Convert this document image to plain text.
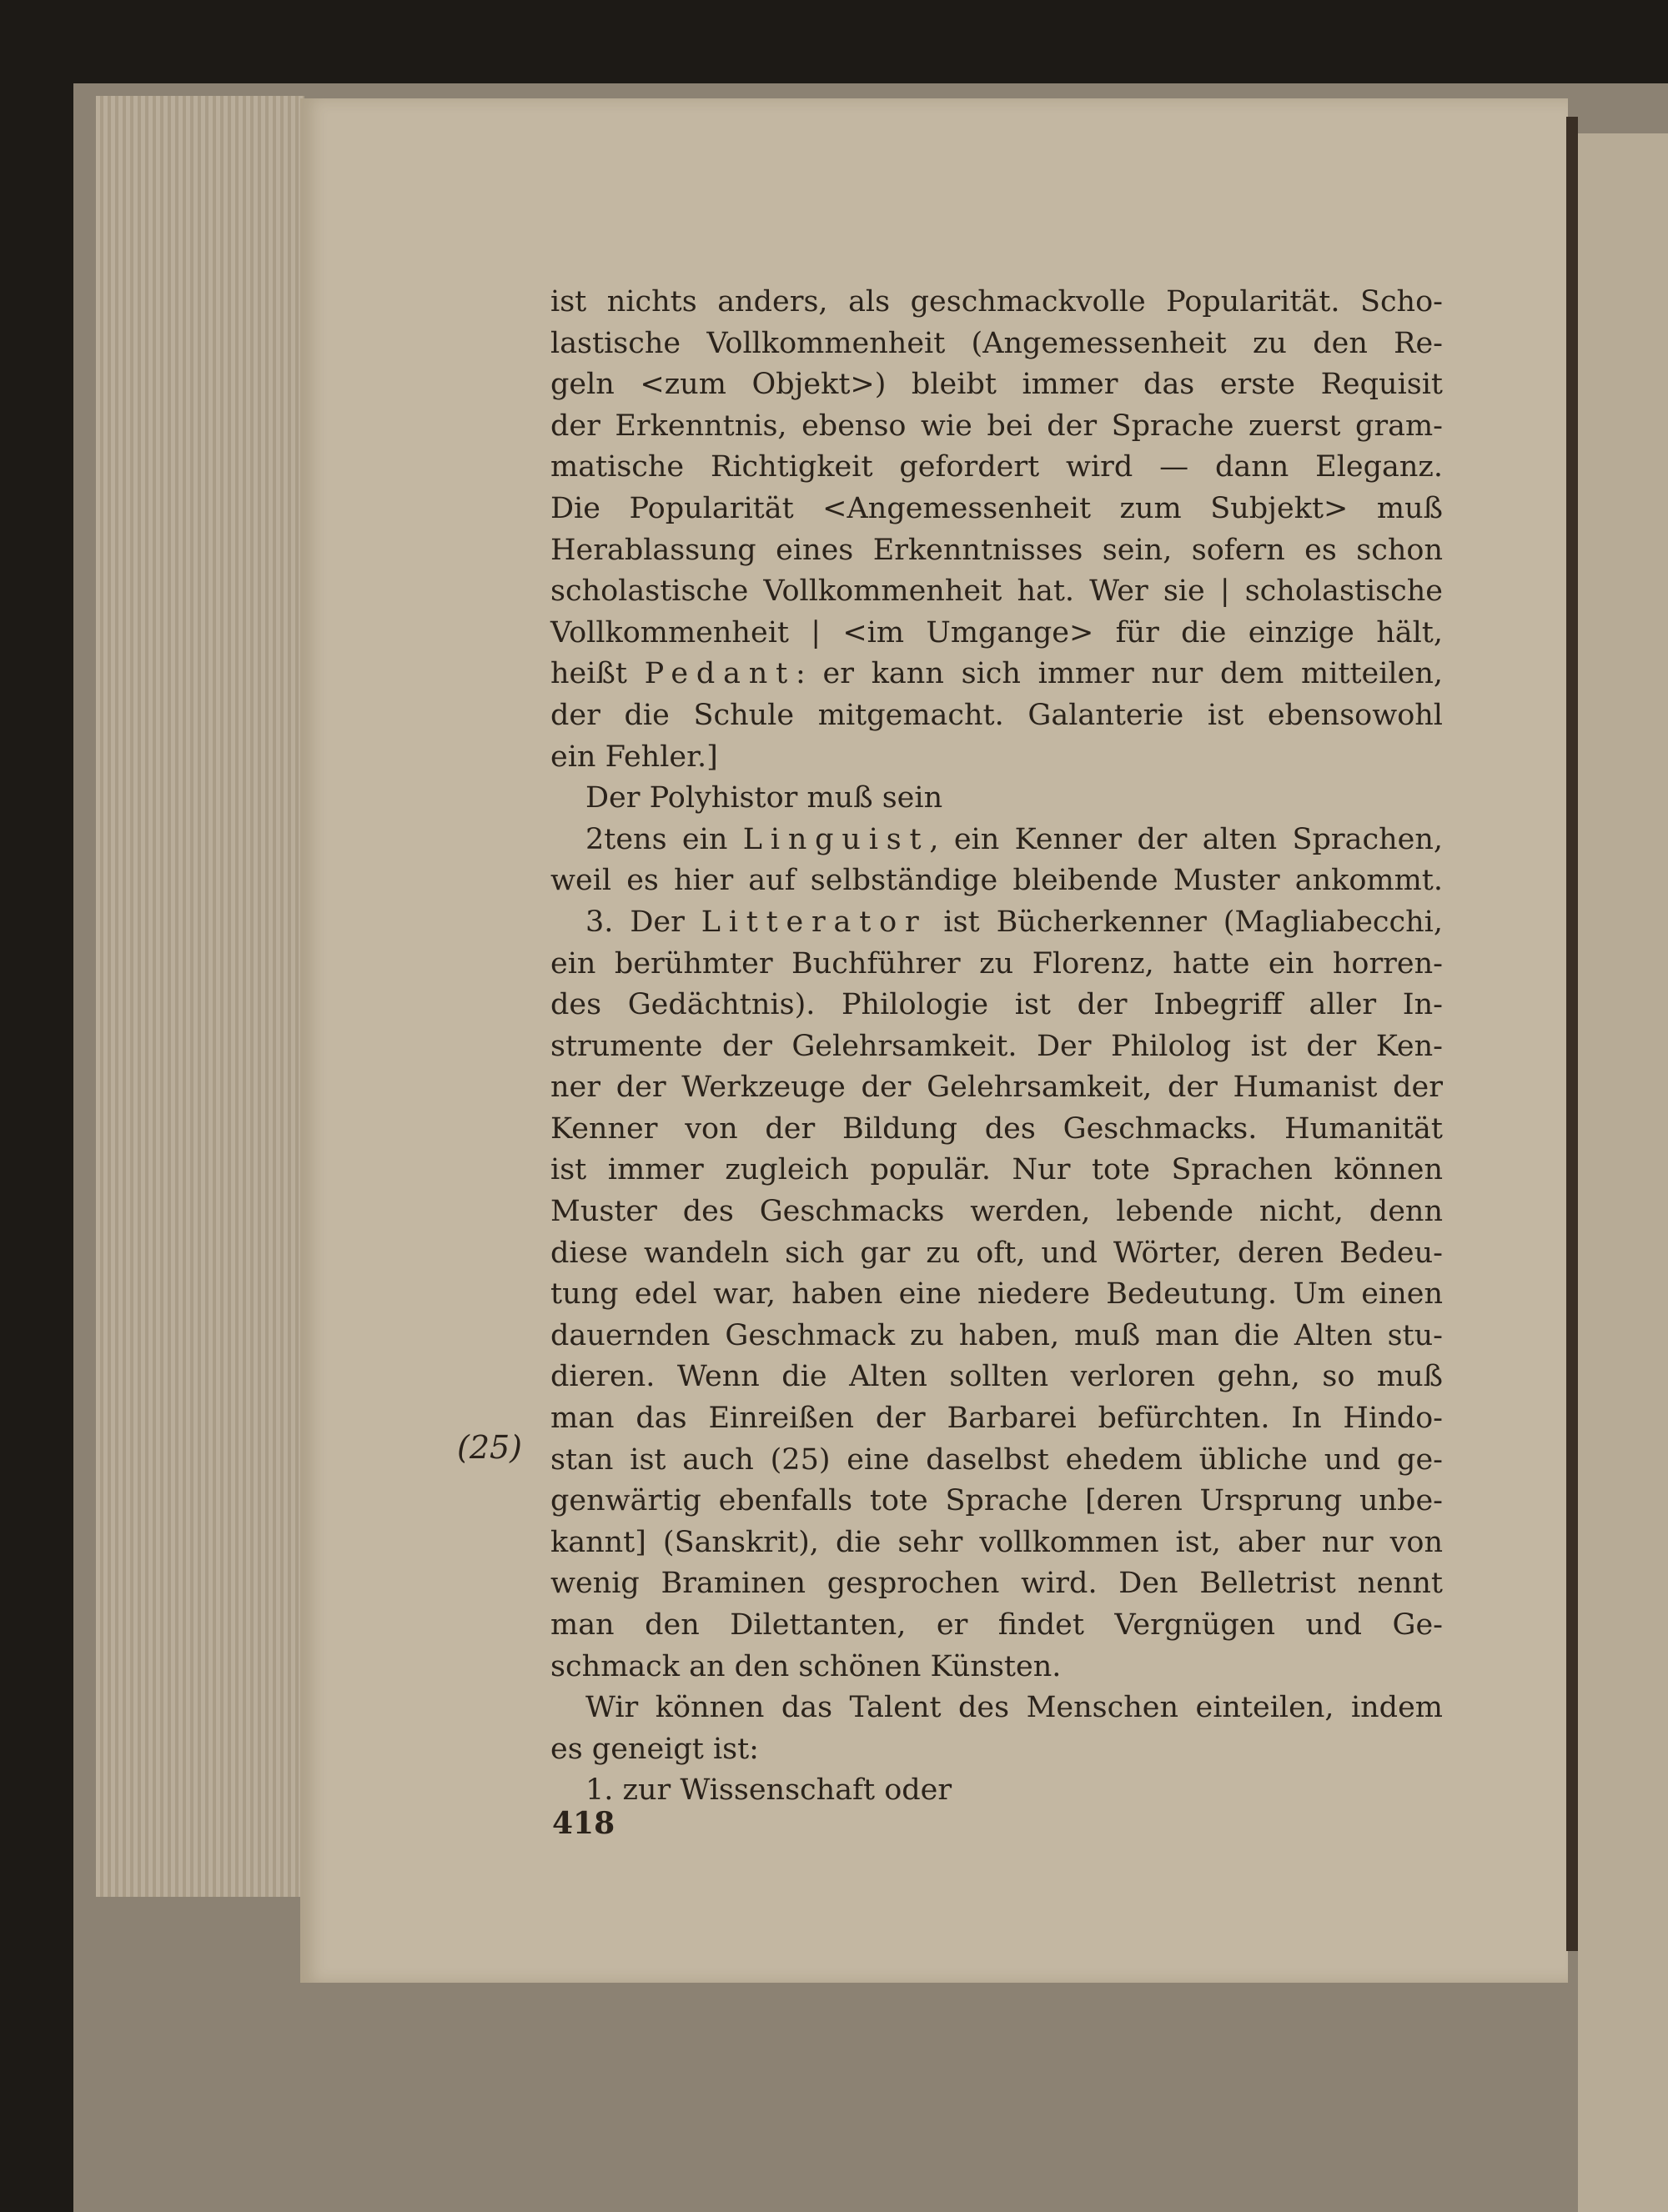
(25)
ist nichts anders, als geschmackvolle Popularität. Scho-
lastische Vollkommenheit (Angemessenheit zu den Re-
geln <zum Objekt>) bleibt immer das erste Requisit
der Erkenntnis, ebenso wie bei der Sprache zuerst gram-
matische Richtigkeit gefordert wird — dann Eleganz.
Die Popularität <Angemessenheit zum Subjekt> muß
Herablassung eines Erkenntnisses sein, sofern es schon
scholastische Vollkommenheit hat. Wer sie | scholastische
Vollkommenheit | <im Umgange> für die einzige hält,
heißt Pedant: er kann sich immer nur dem mitteilen,
der die Schule mitgemacht. Galanterie ist ebensowohl
ein Fehler.]
Der Polyhistor muß sein
2tens ein Linguist, ein Kenner der alten Sprachen,
weil es hier auf selbständige bleibende Muster ankommt.
3. Der Litterator ist Bücherkenner (Magliabecchi,
ein berühmter Buchführer zu Florenz, hatte ein horren-
des Gedächtnis). Philologie ist der Inbegriff aller In-
strumente der Gelehrsamkeit. Der Philolog ist der Ken-
ner der Werkzeuge der Gelehrsamkeit, der Humanist der
Kenner von der Bildung des Geschmacks. Humanität
ist immer zugleich populär. Nur tote Sprachen können
Muster des Geschmacks werden, lebende nicht, denn
diese wandeln sich gar zu oft, und Wörter, deren Bedeu-
tung edel war, haben eine niedere Bedeutung. Um einen
dauernden Geschmack zu haben, muß man die Alten stu-
dieren. Wenn die Alten sollten verloren gehn, so muß
man das Einreißen der Barbarei befürchten. In Hindo-
stan ist auch (25) eine daselbst ehedem übliche und ge-
genwärtig ebenfalls tote Sprache [deren Ursprung unbe-
kannt] (Sanskrit), die sehr vollkommen ist, aber nur von
wenig Braminen gesprochen wird. Den Belletrist nennt
man den Dilettanten, er findet Vergnügen und Ge-
schmack an den schönen Künsten.
Wir können das Talent des Menschen einteilen, indem
es geneigt ist:
1. zur Wissenschaft oder
418
